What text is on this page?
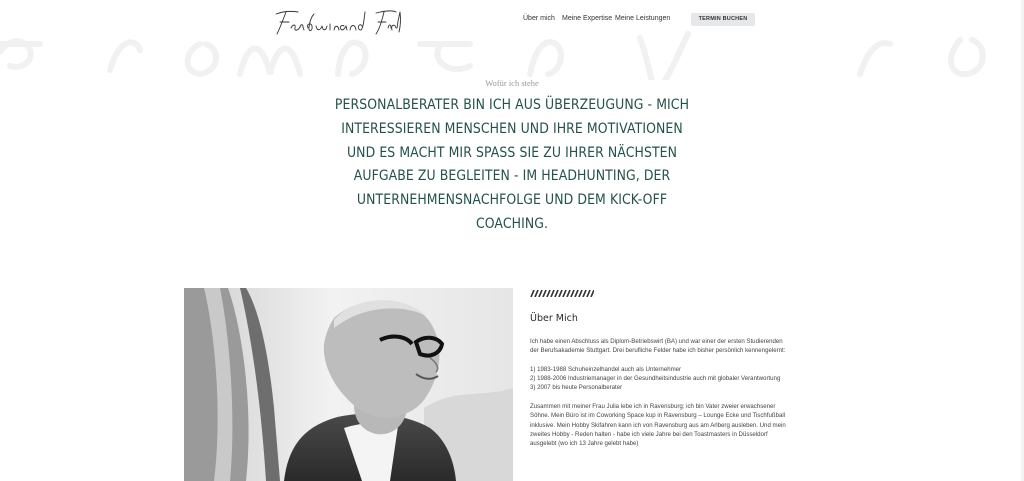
Über mich Meine Expertise Meine Leistungen	TERMIN BUCHEN
Wofür ich stehe
PERSONALBERATER BIN ICH AUS ÜBERZEUGUNG - MICH INTERESSIEREN MENSCHEN UND IHRE MOTIVATIONEN UND ES MACHT MIR SPASS SIE ZU IHRER NÄCHSTEN AUFGABE ZU BEGLEITEN - IM HEADHUNTING, DER UNTERNEHMENSNACHFOLGE UND DEM KICK-OFF COACHING.
Über Mich

Ich habe einen Abschluss als Diplom-Betriebswirt (BA) und war einer der ersten Studierenden der Berufsakademie Stuttgart. Drei berufliche Felder habe ich bisher persönlich kennengelernt:

1) 1983-1988 Schuheinzelhandel auch als Unternehmer

2) 1988-2006 Industriemanager in der Gesundheitsindustrie auch mit globaler Verantwortung

3) 2007 bis heute Personalberater

Zusammen mit meiner Frau Julia lebe ich in Ravensburg; ich bin Vater zweier erwachsener Söhne. Mein Büro ist im Coworking Space kup in Ravensburg – Lounge Ecke und Tischfußball inklusive. Mein Hobby Skifahren kann ich von Ravensburg aus am Arlberg ausleben. Und mein zweites Hobby - Reden halten - habe ich viele Jahre bei den Toastmasters in Düsseldorf ausgelebt (wo ich 13 Jahre gelebt habe)
